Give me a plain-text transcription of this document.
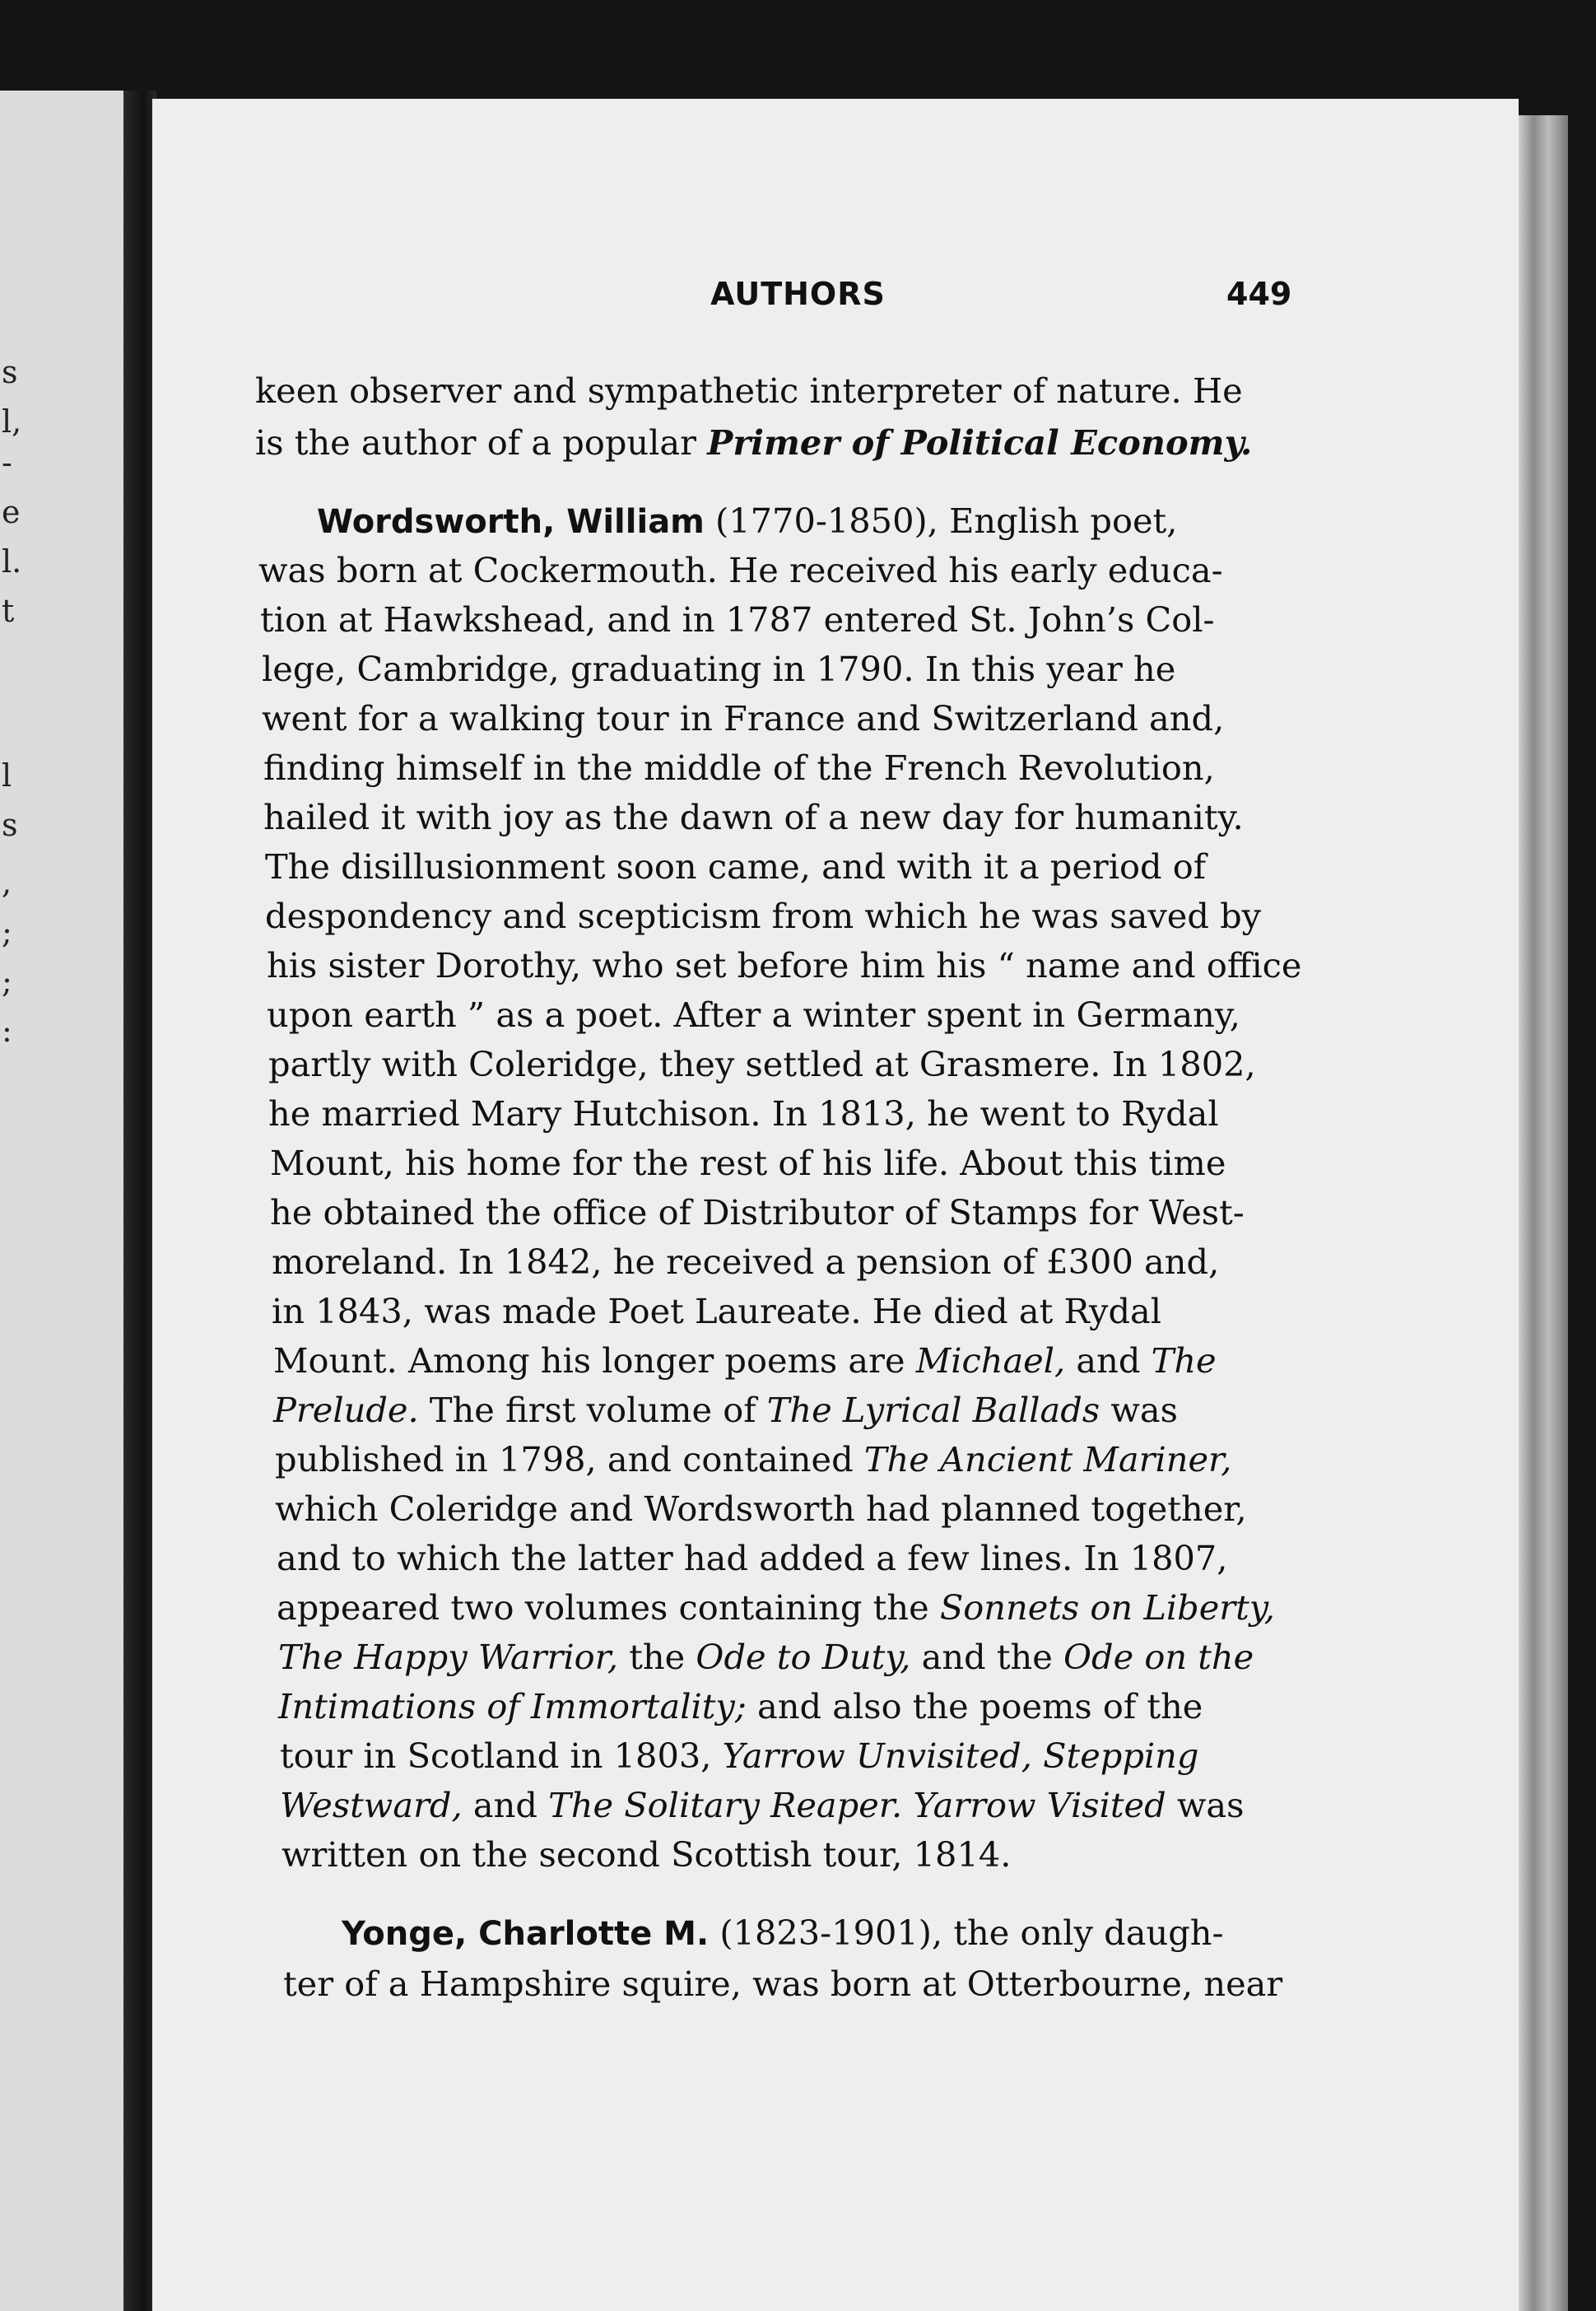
s
l,
-
e
l.
t
l
s
,
;
;
:
AUTHORS	449
keen observer and sympathetic interpreter of nature. He
is the author of a popular Primer of Political Economy.
Wordsworth, William (1770-1850), English poet,
was born at Cockermouth. He received his early educa-
tion at Hawkshead, and in 1787 entered St. John’s Col-
lege, Cambridge, graduating in 1790. In this year he
went for a walking tour in France and Switzerland and,
finding himself in the middle of the French Revolution,
hailed it with joy as the dawn of a new day for humanity.
The disillusionment soon came, and with it a period of
despondency and scepticism from which he was saved by
his sister Dorothy, who set before him his “ name and office
upon earth ” as a poet. After a winter spent in Germany,
partly with Coleridge, they settled at Grasmere. In 1802,
he married Mary Hutchison. In 1813, he went to Rydal
Mount, his home for the rest of his life. About this time
he obtained the office of Distributor of Stamps for West-
moreland. In 1842, he received a pension of £300 and,
in 1843, was made Poet Laureate. He died at Rydal
Mount. Among his longer poems are Michael, and The
Prelude. The first volume of The Lyrical Ballads was
published in 1798, and contained The Ancient Mariner,
which Coleridge and Wordsworth had planned together,
and to which the latter had added a few lines. In 1807,
appeared two volumes containing the Sonnets on Liberty,
The Happy Warrior, the Ode to Duty, and the Ode on the
Intimations of Immortality; and also the poems of the
tour in Scotland in 1803, Yarrow Unvisited, Stepping
Westward, and The Solitary Reaper. Yarrow Visited was
written on the second Scottish tour, 1814.
Yonge, Charlotte M. (1823-1901), the only daugh-
ter of a Hampshire squire, was born at Otterbourne, near
